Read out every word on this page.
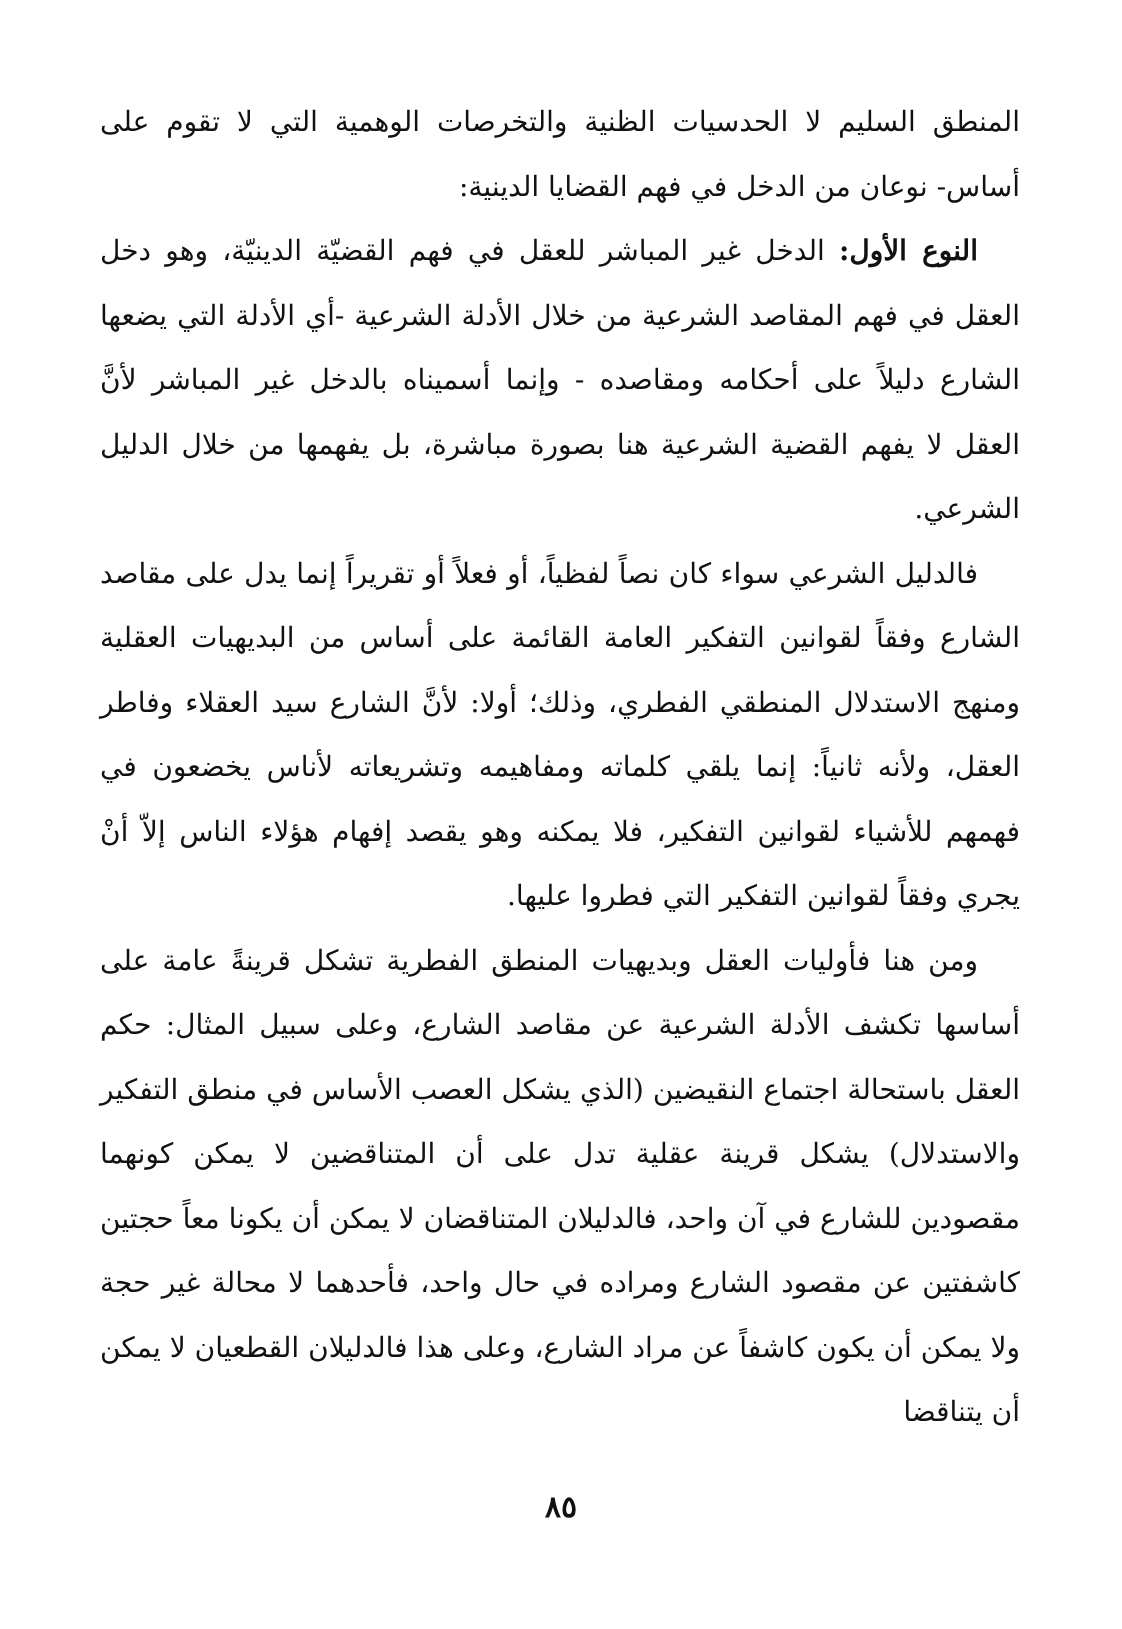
المنطق السليم لا الحدسيات الظنية والتخرصات الوهمية التي لا تقوم على أساس- نوعان من الدخل في فهم القضايا الدينية:

النوع الأول: الدخل غير المباشر للعقل في فهم القضيّة الدينيّة، وهو دخل العقل في فهم المقاصد الشرعية من خلال الأدلة الشرعية -أي الأدلة التي يضعها الشارع دليلاً على أحكامه ومقاصده - وإنما أسميناه بالدخل غير المباشر لأنَّ العقل لا يفهم القضية الشرعية هنا بصورة مباشرة، بل يفهمها من خلال الدليل الشرعي.

فالدليل الشرعي سواء كان نصاً لفظياً، أو فعلاً أو تقريراً إنما يدل على مقاصد الشارع وفقاً لقوانين التفكير العامة القائمة على أساس من البديهيات العقلية ومنهج الاستدلال المنطقي الفطري، وذلك؛ أولا: لأنَّ الشارع سيد العقلاء وفاطر العقل، ولأنه ثانياً: إنما يلقي كلماته ومفاهيمه وتشريعاته لأناس يخضعون في فهمهم للأشياء لقوانين التفكير، فلا يمكنه وهو يقصد إفهام هؤلاء الناس إلاّ أنْ يجري وفقاً لقوانين التفكير التي فطروا عليها.

ومن هنا فأوليات العقل وبديهيات المنطق الفطرية تشكل قرينةً عامة على أساسها تكشف الأدلة الشرعية عن مقاصد الشارع، وعلى سبيل المثال: حكم العقل باستحالة اجتماع النقيضين (الذي يشكل العصب الأساس في منطق التفكير والاستدلال) يشكل قرينة عقلية تدل على أن المتناقضين لا يمكن كونهما مقصودين للشارع في آن واحد، فالدليلان المتناقضان لا يمكن أن يكونا معاً حجتين كاشفتين عن مقصود الشارع ومراده في حال واحد، فأحدهما لا محالة غير حجة ولا يمكن أن يكون كاشفاً عن مراد الشارع، وعلى هذا فالدليلان القطعيان لا يمكن أن يتناقضا

٨٥
